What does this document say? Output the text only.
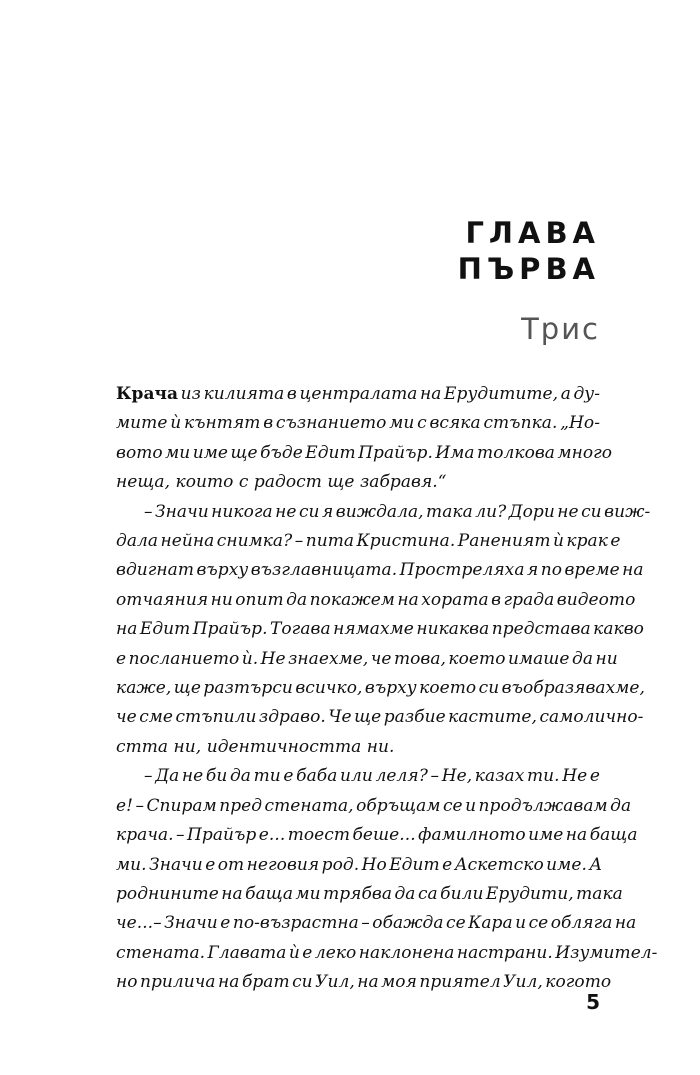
ГЛАВА
ПЪРВА
Трис
Крача из килията в централата на Ерудитите, а ду-
мите ѝ кънтят в съзнанието ми с всяка стъпка. „Но-
вото ми име ще бъде Едит Прайър. Има толкова много
неща, които с радост ще забравя.“
– Значи никога не си я виждала, така ли? Дори не си виж-
дала нейна снимка? – пита Кристина. Раненият ѝ крак е
вдигнат върху възглавницата. Простреляха я по време на
отчаяния ни опит да покажем на хората в града видеото
на Едит Прайър. Тогава нямахме никаква представа какво
е посланието ѝ. Не знаехме, че това, което имаше да ни
каже, ще разтърси всичко, върху което си въобразявахме,
че сме стъпили здраво. Че ще разбие кастите, самоличнo-
стта ни, идентичността ни.
– Да не би да ти е баба или леля? – Не, казах ти. Не е
е! – Спирам пред стената, обръщам се и продължавам да
крача. – Прайър е... тоест беше... фамилното име на баща
ми. Значи е от неговия род. Но Едит е Аскетско име. А
роднините на баща ми трябва да са били Ерудити, така
че...– Значи е по-възрастна – обажда се Кара и се обляга на
стената. Главата ѝ е леко наклонена настрани. Изумител-
но прилича на брат си Уил, на моя приятел Уил, когото
5
